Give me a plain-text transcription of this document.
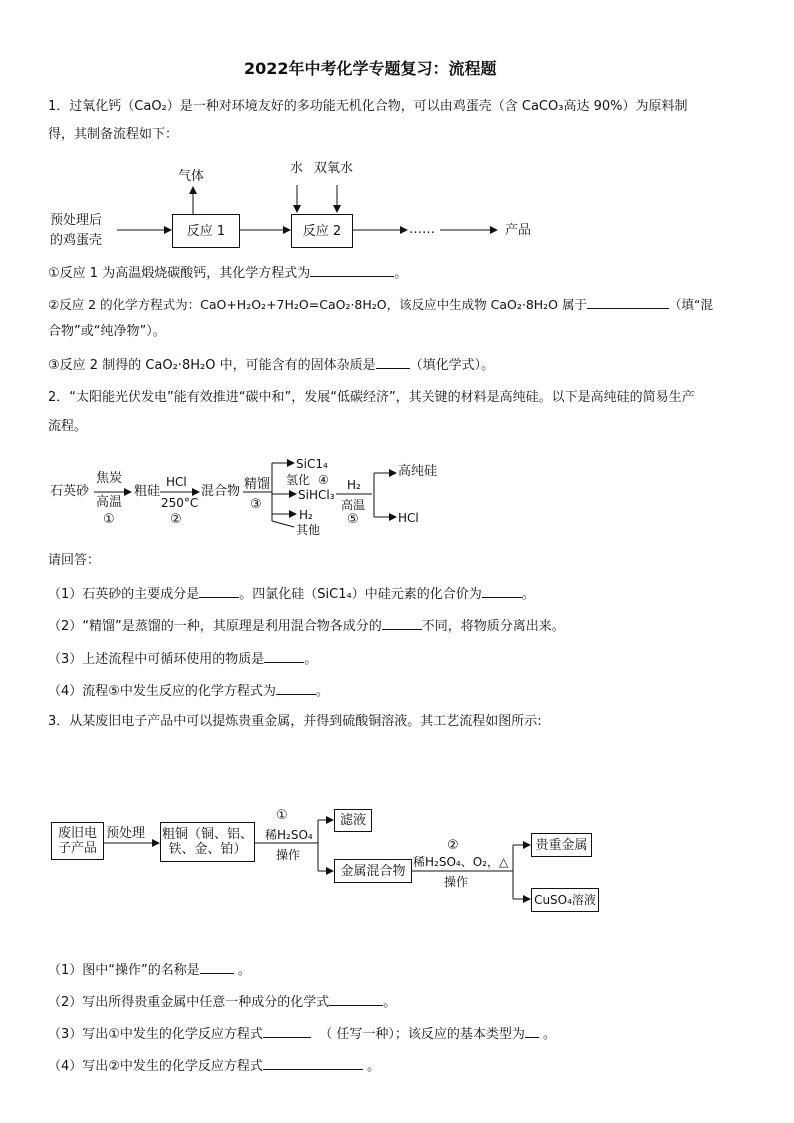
2022年中考化学专题复习：流程题
1．过氧化钙（CaO₂）是一种对环境友好的多功能无机化合物，可以由鸡蛋壳（含 CaCO₃高达 90%）为原料制
得，其制备流程如下：
预处理后
的鸡蛋壳
反应 1
气体
反应 2
水 双氧水
……	产品
①反应 1 为高温煅烧碳酸钙，其化学方程式为	。
②反应 2 的化学方程式为：CaO+H₂O₂+7H₂O=CaO₂·8H₂O，该反应中生成物 CaO₂·8H₂O 属于	（填“混
合物”或“纯净物”）。
③反应 2 制得的 CaO₂·8H₂O 中，可能含有的固体杂质是	（填化学式）。
2．“太阳能光伏发电”能有效推进“碳中和”，发展“低碳经济”，其关键的材料是高纯硅。以下是高纯硅的简易生产
流程。
石英砂
焦炭
高温
①
粗硅
HCl
250°C
②
混合物 精馏
③
SiC1₄
氢化 ④
SiHCl₃
H₂
其他
H₂
高温
⑤
高纯硅
HCl
请回答：
（1）石英砂的主要成分是	。四氯化硅（SiC1₄）中硅元素的化合价为	。
（2）“精馏”是蒸馏的一种，其原理是利用混合物各成分的	不同，将物质分离出来。
（3）上述流程中可循环使用的物质是	。
（4）流程⑤中发生反应的化学方程式为	。
3．从某废旧电子产品中可以提炼贵重金属，并得到硫酸铜溶液。其工艺流程如图所示:
废旧电
子产品
预处理 粗铜（铜、铝、
铁、金、铂）
①
稀H₂SO₄
操作
滤液
金属混合物
②
稀H₂SO₄、O₂，△
操作
贵重金属
CuSO₄溶液
（1）图中“操作”的名称是	。
（2）写出所得贵重金属中任意一种成分的化学式	。
（3）写出①中发生的化学反应方程式	（ 任写一种）；该反应的基本类型为 。
（4）写出②中发生的化学反应方程式	。
